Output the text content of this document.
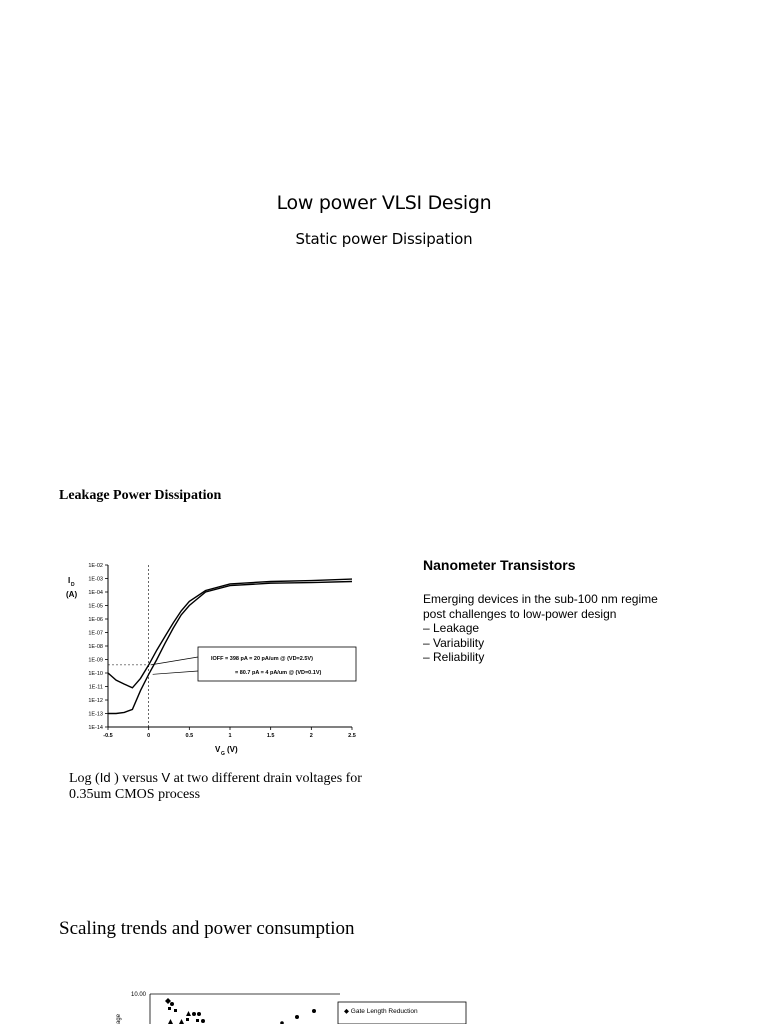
Low power VLSI Design
Static power Dissipation
Leakage Power Dissipation
1E-02
1E-03
1E-04
1E-05
1E-06
1E-07
1E-08
1E-09
1E-10
1E-11
1E-12
1E-13
1E-14
-0.5	0	0.5	1	1.5	2	2.5
I D
(A)
V G (V)
IOFF = 398 pA = 20 pA/um @ (VD=2.5V)
= 80.7 pA = 4 pA/um @ (VD=0.1V)
Log (Id ) versus V at two different drain voltages for 0.35um CMOS process
Nanometer Transistors
Emerging devices in the sub-100 nm regime
post challenges to low-power design
– Leakage
– Variability
– Reliability
Scaling trends and power consumption
10.00
age
◆ Gate Length Reduction
